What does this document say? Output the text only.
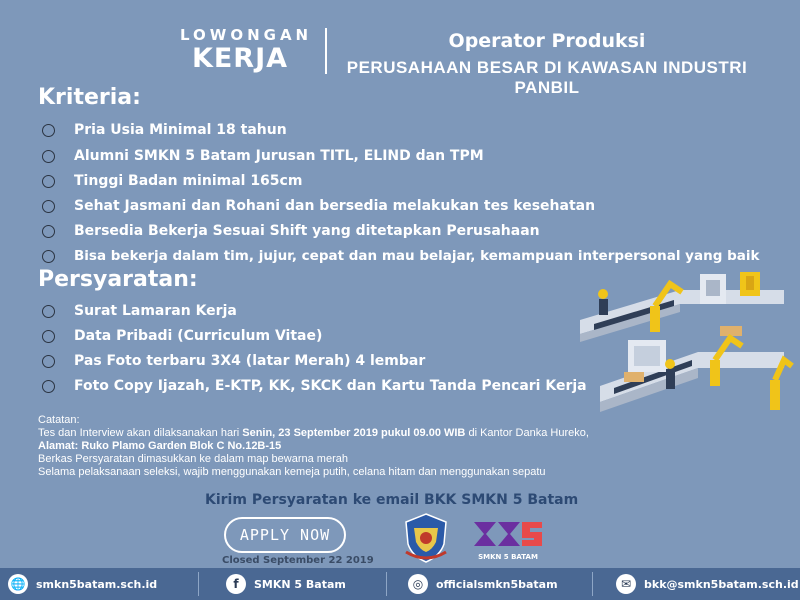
LOWONGAN
KERJA
Operator Produksi
PERUSAHAAN BESAR DI KAWASAN INDUSTRI PANBIL
Kriteria:
Pria Usia Minimal 18 tahun
Alumni SMKN 5 Batam Jurusan TITL, ELIND dan TPM
Tinggi Badan minimal 165cm
Sehat Jasmani dan Rohani dan bersedia melakukan tes kesehatan
Bersedia Bekerja Sesuai Shift yang ditetapkan Perusahaan
Bisa bekerja dalam tim, jujur, cepat dan mau belajar, kemampuan interpersonal yang baik
Persyaratan:
Surat Lamaran Kerja
Data Pribadi (Curriculum Vitae)
Pas Foto terbaru 3X4 (latar Merah) 4 lembar
Foto Copy Ijazah, E-KTP, KK, SKCK dan Kartu Tanda Pencari Kerja
Catatan:
Tes dan Interview akan dilaksanakan hari Senin, 23 September 2019 pukul 09.00 WIB di Kantor Danka Hureko,
Alamat: Ruko Plamo Garden Blok C No.12B-15
Berkas Persyaratan dimasukkan ke dalam map bewarna merah
Selama pelaksanaan seleksi, wajib menggunakan kemeja putih, celana hitam dan menggunakan sepatu
Kirim Persyaratan ke email BKK SMKN 5 Batam
APPLY NOW
Closed September 22 2019	SMKN 5 BATAM
🌐 smkn5batam.sch.id	f	SMKN 5 Batam	◎	officialsmkn5batam	✉	bkk@smkn5batam.sch.id
